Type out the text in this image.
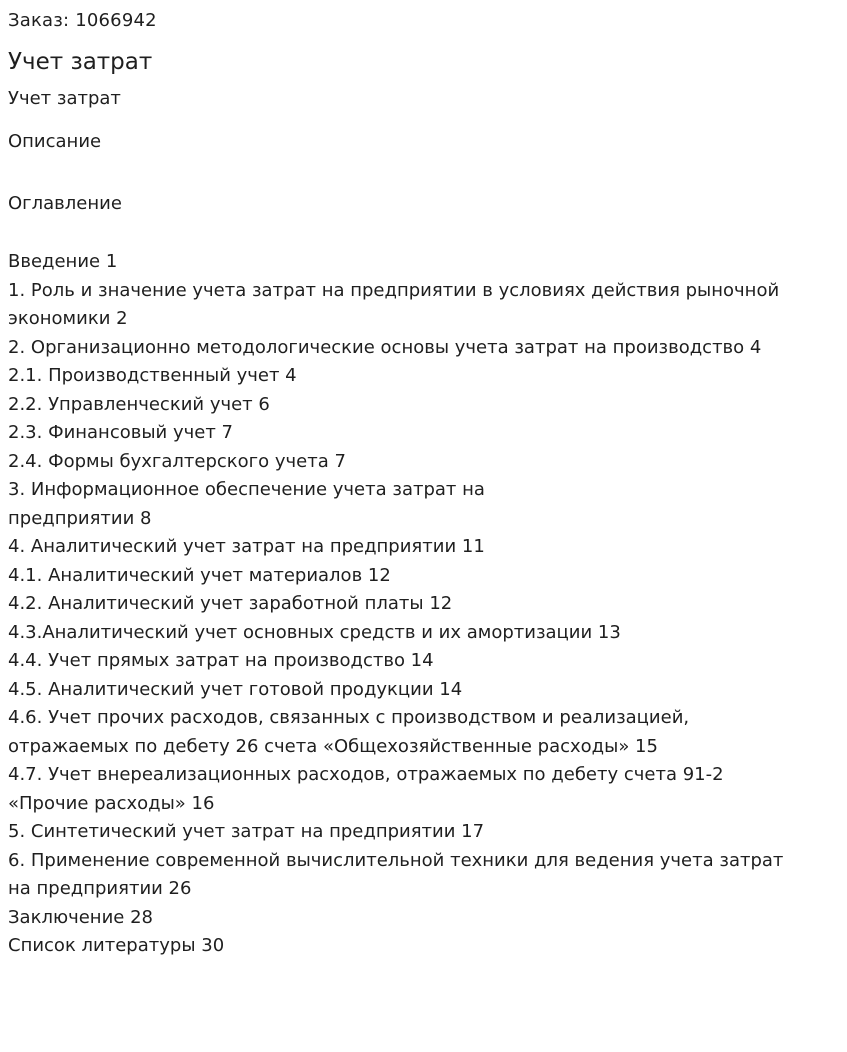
Заказ: 1066942
Учет затрат
Учет затрат
Описание
Оглавление
Введение 1
1. Роль и значение учета затрат на предприятии в условиях действия рыночной
экономики 2
2. Организационно методологические основы учета затрат на производство 4
2.1. Производственный учет 4
2.2. Управленческий учет 6
2.3. Финансовый учет 7
2.4. Формы бухгалтерского учета 7
3. Информационное обеспечение учета затрат на
предприятии 8
4. Аналитический учет затрат на предприятии 11
4.1. Аналитический учет материалов 12
4.2. Аналитический учет заработной платы 12
4.3.Аналитический учет основных средств и их амортизации 13
4.4. Учет прямых затрат на производство 14
4.5. Аналитический учет готовой продукции 14
4.6. Учет прочих расходов, связанных с производством и реализацией,
отражаемых по дебету 26 счета «Общехозяйственные расходы» 15
4.7. Учет внереализационных расходов, отражаемых по дебету счета 91-2
«Прочие расходы» 16
5. Синтетический учет затрат на предприятии 17
6. Применение современной вычислительной техники для ведения учета затрат
на предприятии 26
Заключение 28
Список литературы 30
